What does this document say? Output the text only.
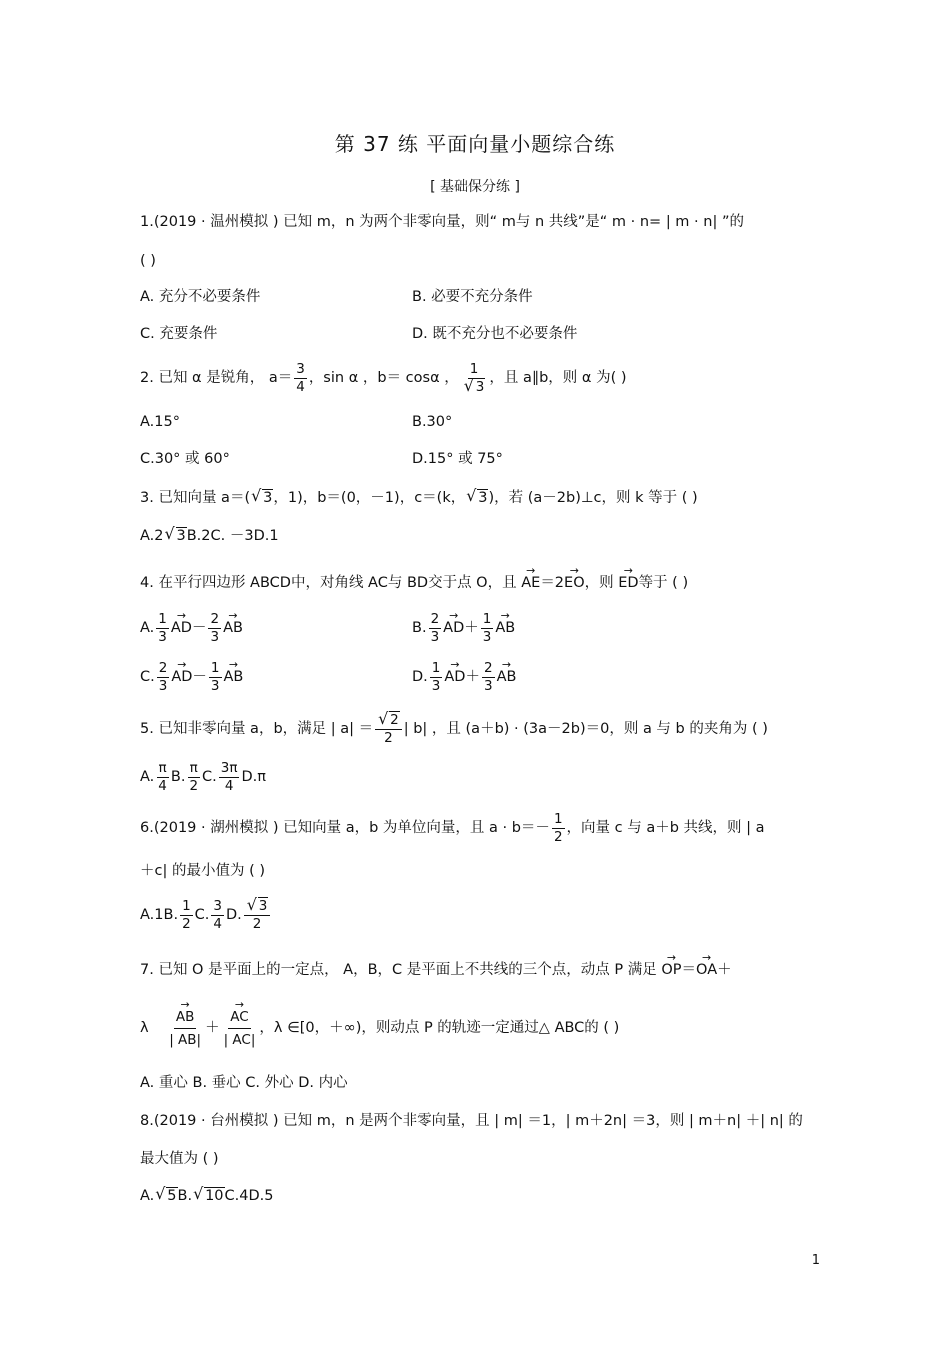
第 37 练 平面向量小题综合练
[ 基础保分练 ]
1.(2019 · 温州模拟 ) 已知 m，n 为两个非零向量，则“ m与 n 共线”是“ m · n= | m · n| ”的
( )
A. 充分不必要条件	B. 必要不充分条件
C. 充要条件	D. 既不充分也不必要条件
2. 已知 α 是锐角， $a= \frac{3}{4}$ ，sin α ，b＝ cosα ， 1
√ 3 ，且 a∥b，则 α 为( )
A.15°	B.30°
C.30° 或 60°	D.15° 或 75°
3. 已知向量 a＝(√ 3，1)，b＝(0，－1)，c＝(k，√ 3)，若 (a－2b)⊥c，则 k 等于 ( )
A.2√ 3B.2C. －3D.1
4. 在平行四边形 ABCD中，对角线 AC与 BD交于点 O，且 → AE＝2→ EO，则 → ED等于 ( )
A. $\frac{1}{3}$
→ $AD- \frac{2}{3}$
→ AB	B. $\frac{2}{3}$
→ $AD+ \frac{1}{3}$
→ AB
C. $\frac{2}{3}$
→ $AD- \frac{1}{3}$
→ AB	D. $\frac{1}{3}$
→ $AD+ \frac{2}{3}$
→ AB
5. 已知非零向量 a，b，满足 | a| ＝
√ $\frac{2}{2}$ | b| ，且 (a＋b) · (3a－2b)＝0，则 a 与 b 的夹角为 ( )
A. $\frac{\pi}{4} B$. $\frac{\pi}{2} C$. $\frac{3\pi}{4} D.\pi$
6.(2019 · 湖州模拟 ) 已知向量 a，b 为单位向量，且 $a \cdot b=- \frac{1}{2}$ ，向量 c 与 a＋b 共线，则 | a
＋c| 的最小值为 ( )
A.1B. $\frac{1}{2} C$. $\frac{3}{4} D$.
√ $\frac{3}{2}$
7. 已知 O 是平面上的一定点， A，B，C 是平面上不共线的三个点，动点 P 满足 → OP＝→ OA＋
λ
→ $\frac{AB}{| AB|}$ ＋
→ $\frac{AC}{| AC|}$ ，λ ∈[0，＋∞)，则动点 P 的轨迹一定通过△ ABC的 ( )
A. 重心 B. 垂心 C. 外心 D. 内心
8.(2019 · 台州模拟 ) 已知 m，n 是两个非零向量，且 | m| ＝1，| m＋2n| ＝3，则 | m＋n| ＋| n| 的
最大值为 ( )
A.√ 5B.√ 10C.4D.5
1
